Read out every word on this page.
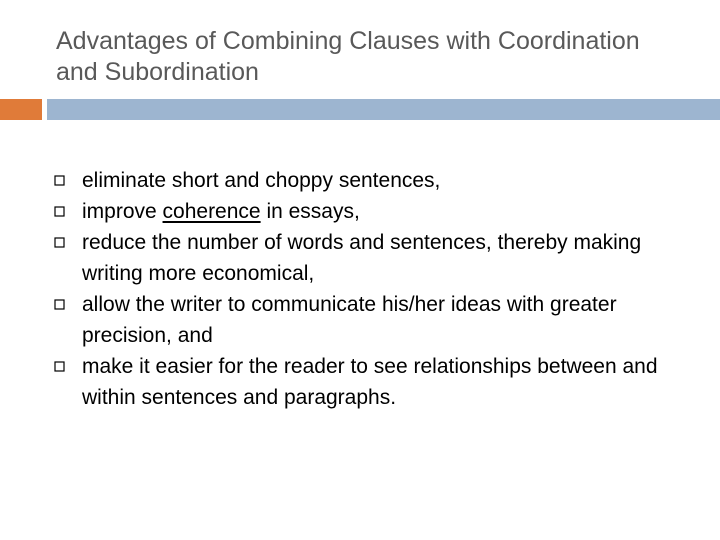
Advantages of Combining Clauses with Coordination and Subordination
eliminate short and choppy sentences,
improve coherence in essays,
reduce the number of words and sentences, thereby making writing more economical,
allow the writer to communicate his/her ideas with greater precision, and
make it easier for the reader to see relationships between and within sentences and paragraphs.
